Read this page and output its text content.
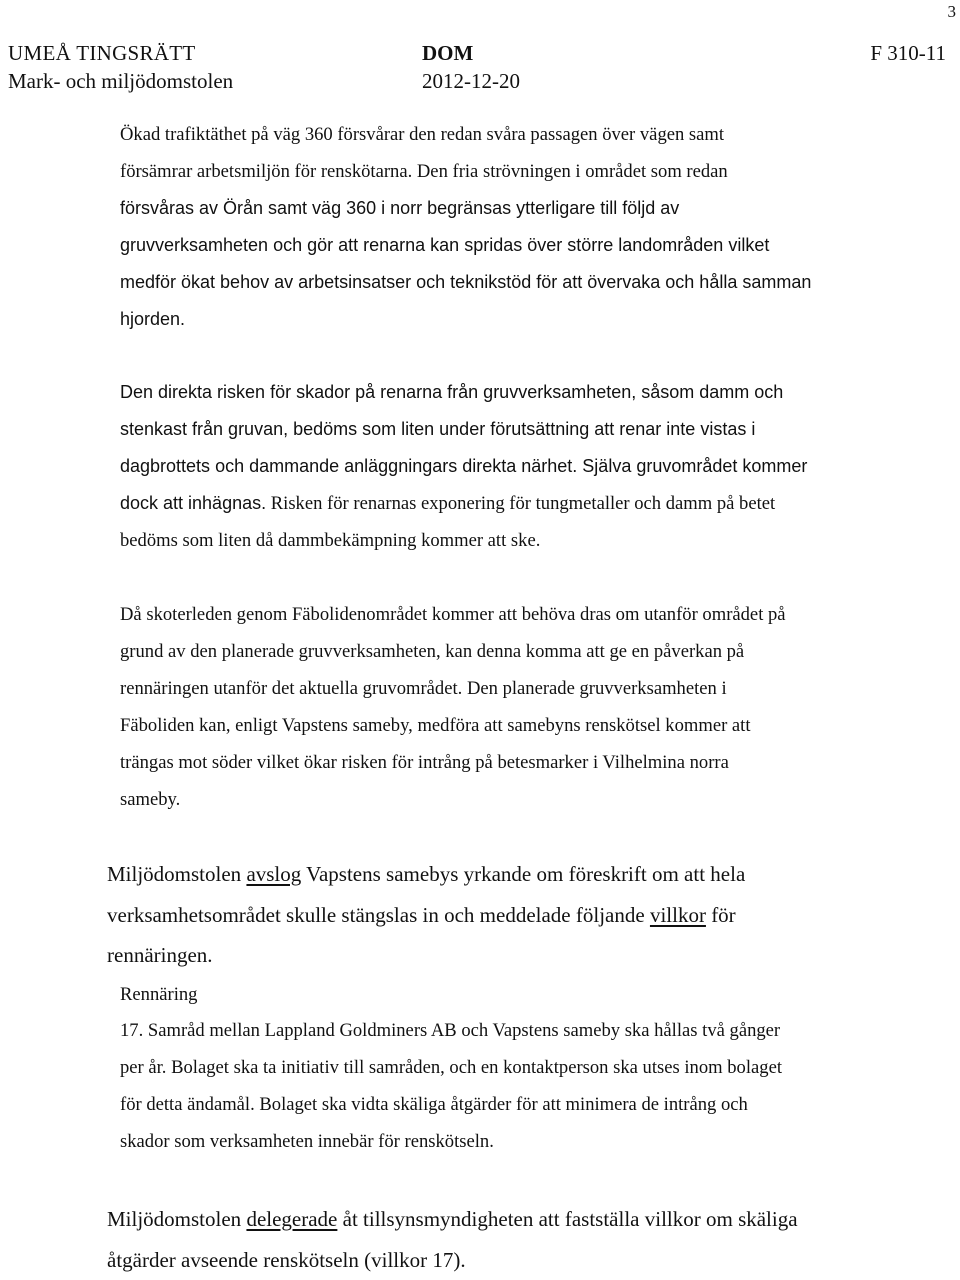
3
UMEÅ TINGSRÄTT
Mark- och miljödomstolen
DOM
2012-12-20
F 310-11

Ökad trafiktäthet på väg 360 försvårar den redan svåra passagen över vägen samt
försämrar arbetsmiljön för renskötarna. Den fria strövningen i området som redan
försvåras av Örån samt väg 360 i norr begränsas ytterligare till följd av
gruvverksamheten och gör att renarna kan spridas över större landområden vilket
medför ökat behov av arbetsinsatser och teknikstöd för att övervaka och hålla samman
hjorden.

Den direkta risken för skador på renarna från gruvverksamheten, såsom damm och
stenkast från gruvan, bedöms som liten under förutsättning att renar inte vistas i
dagbrottets och dammande anläggningars direkta närhet. Själva gruvområdet kommer
dock att inhägnas. Risken för renarnas exponering för tungmetaller och damm på betet
bedöms som liten då dammbekämpning kommer att ske.

Då skoterleden genom Fäbolidenområdet kommer att behöva dras om utanför området på
grund av den planerade gruvverksamheten, kan denna komma att ge en påverkan på
rennäringen utanför det aktuella gruvområdet. Den planerade gruvverksamheten i
Fäboliden kan, enligt Vapstens sameby, medföra att samebyns renskötsel kommer att
trängas mot söder vilket ökar risken för intrång på betesmarker i Vilhelmina norra
sameby.

Miljödomstolen avslog Vapstens samebys yrkande om föreskrift om att hela
verksamhetsområdet skulle stängslas in och meddelade följande villkor för
rennäringen.

Rennäring

17. Samråd mellan Lappland Goldminers AB och Vapstens sameby ska hållas två gånger
per år. Bolaget ska ta initiativ till samråden, och en kontaktperson ska utses inom bolaget
för detta ändamål. Bolaget ska vidta skäliga åtgärder för att minimera de intrång och
skador som verksamheten innebär för renskötseln.

Miljödomstolen delegerade åt tillsynsmyndigheten att fastställa villkor om skäliga
åtgärder avseende renskötseln (villkor 17).
